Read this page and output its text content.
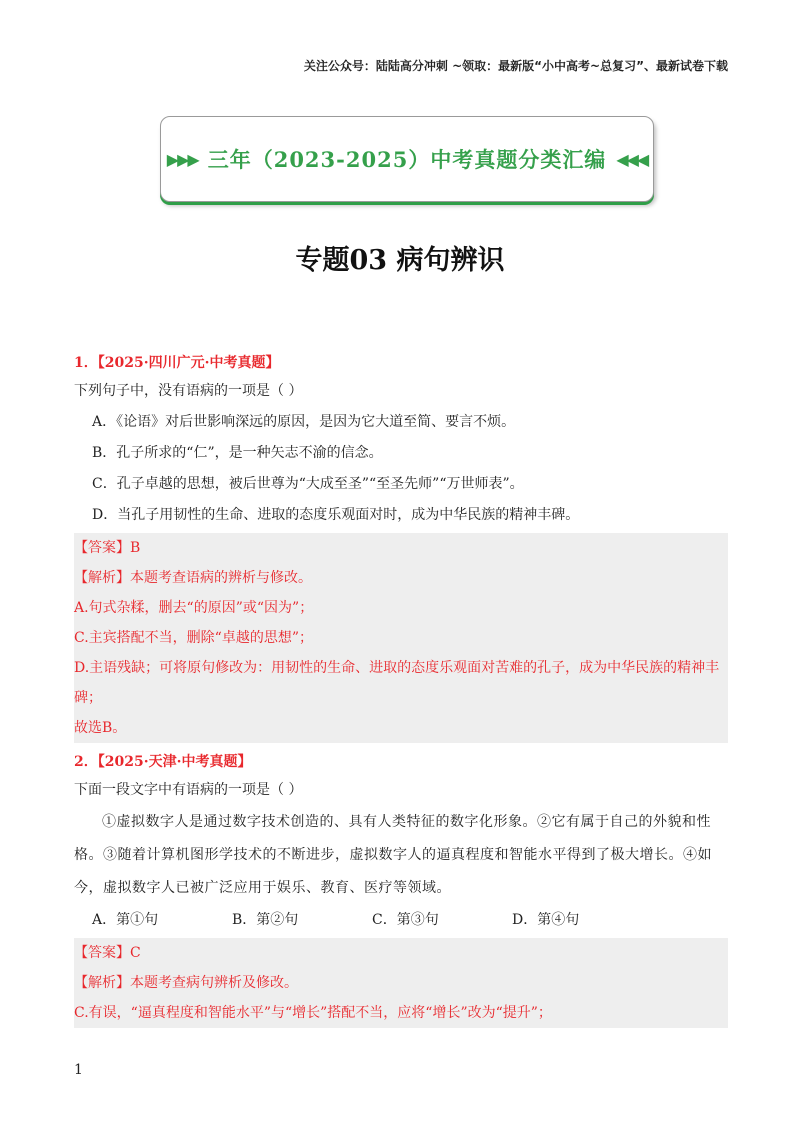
关注公众号：陆陆高分冲刺 ~领取：最新版“小中高考~总复习”、最新试卷下载
▶▶▶ 三年（2023-2025）中考真题分类汇编 ◀◀◀
专题03 病句辨识
1．【2025·四川广元·中考真题】
下列句子中，没有语病的一项是（ ）
A．《论语》对后世影响深远的原因，是因为它大道至简、要言不烦。
B．孔子所求的“仁”，是一种矢志不渝的信念。
C．孔子卓越的思想，被后世尊为“大成至圣”“至圣先师”“万世师表”。
D．当孔子用韧性的生命、进取的态度乐观面对时，成为中华民族的精神丰碑。
【答案】B
【解析】本题考查语病的辨析与修改。
A.句式杂糅，删去“的原因”或“因为”；
C.主宾搭配不当，删除“卓越的思想”；
D.主语残缺；可将原句修改为：用韧性的生命、进取的态度乐观面对苦难的孔子，成为中华民族的精神丰碑；
故选B。
2．【2025·天津·中考真题】
下面一段文字中有语病的一项是（ ）
①虚拟数字人是通过数字技术创造的、具有人类特征的数字化形象。②它有属于自己的外貌和性格。③随着计算机图形学技术的不断进步，虚拟数字人的逼真程度和智能水平得到了极大增长。④如今，虚拟数字人已被广泛应用于娱乐、教育、医疗等领域。
A．第①句	B．第②句	C．第③句	D．第④句
【答案】C
【解析】本题考查病句辨析及修改。
C.有误，“逼真程度和智能水平”与“增长”搭配不当，应将“增长”改为“提升”；
1
